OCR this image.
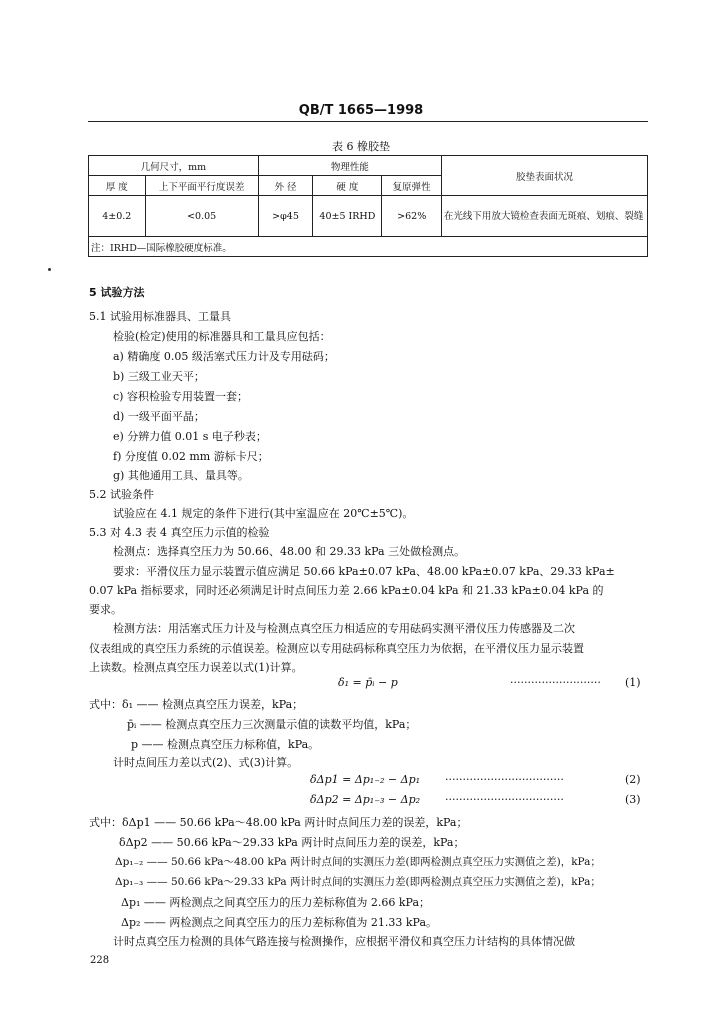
QB/T 1665—1998
表 6 橡胶垫
几何尺寸，mm		物理性能			胶垫表面状况
厚 度	上下平面平行度误差	外 径	硬 度	复原弹性	
4±0.2	<0.05	>φ45	40±5 IRHD	>62%	在光线下用放大镜检查表面无斑痕、划痕、裂缝
注：IRHD—国际橡胶硬度标准。					
5 试验方法
5.1 试验用标准器具、工量具
检验(检定)使用的标准器具和工量具应包括：
a) 精确度 0.05 级活塞式压力计及专用砝码；
b) 三级工业天平；
c) 容积检验专用装置一套；
d) 一级平面平晶；
e) 分辨力值 0.01 s 电子秒表；
f) 分度值 0.02 mm 游标卡尺；
g) 其他通用工具、量具等。
5.2 试验条件
试验应在 4.1 规定的条件下进行(其中室温应在 20℃±5℃)。
5.3 对 4.3 表 4 真空压力示值的检验
检测点：选择真空压力为 50.66、48.00 和 29.33 kPa 三处做检测点。
要求：平滑仪压力显示装置示值应满足 50.66 kPa±0.07 kPa、48.00 kPa±0.07 kPa、29.33 kPa±
0.07 kPa 指标要求，同时还必须满足计时点间压力差 2.66 kPa±0.04 kPa 和 21.33 kPa±0.04 kPa 的
要求。
检测方法：用活塞式压力计及与检测点真空压力相适应的专用砝码实测平滑仪压力传感器及二次
仪表组成的真空压力系统的示值误差。检测应以专用砝码标称真空压力为依据，在平滑仪压力显示装置
上读数。检测点真空压力误差以式(1)计算。
δ₁ = p̄ᵢ − p	·························· (1)
式中：δ₁ —— 检测点真空压力误差，kPa；
p̄ᵢ —— 检测点真空压力三次测量示值的读数平均值，kPa；
p —— 检测点真空压力标称值，kPa。
计时点间压力差以式(2)、式(3)计算。
δΔp1 = Δp₁₋₂ − Δp₁ ··································	(2)
δΔp2 = Δp₁₋₃ − Δp₂ ··································	(3)
式中：δΔp1 —— 50.66 kPa～48.00 kPa 两计时点间压力差的误差，kPa；
δΔp2 —— 50.66 kPa～29.33 kPa 两计时点间压力差的误差，kPa；
Δp₁₋₂ —— 50.66 kPa～48.00 kPa 两计时点间的实测压力差(即两检测点真空压力实测值之差)，kPa；
Δp₁₋₃ —— 50.66 kPa～29.33 kPa 两计时点间的实测压力差(即两检测点真空压力实测值之差)，kPa；
Δp₁ —— 两检测点之间真空压力的压力差标称值为 2.66 kPa；
Δp₂ —— 两检测点之间真空压力的压力差标称值为 21.33 kPa。
计时点真空压力检测的具体气路连接与检测操作，应根据平滑仪和真空压力计结构的具体情况做
228
